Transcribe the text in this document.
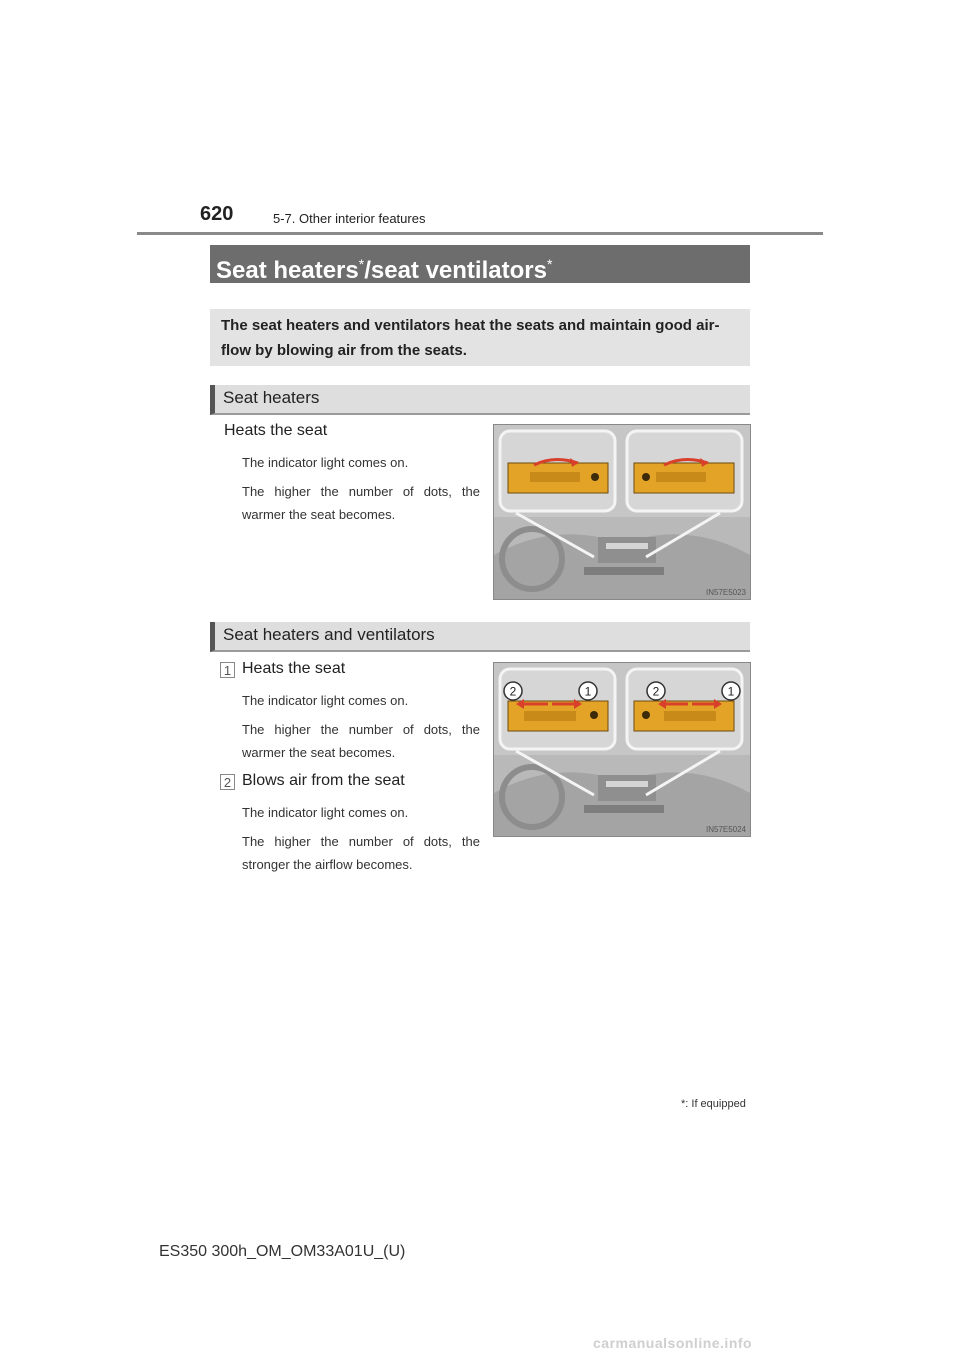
620	5-7. Other interior features
Seat heaters*/seat ventilators*
The seat heaters and ventilators heat the seats and maintain good air-flow by blowing air from the seats.
Seat heaters
Heats the seat
The indicator light comes on.
The higher the number of dots, the
warmer the seat becomes.
IN57E5023
Seat heaters and ventilators
1 Heats the seat
The indicator light comes on.
The higher the number of dots, the
warmer the seat becomes.
2 Blows air from the seat
The indicator light comes on.
The higher the number of dots, the
stronger the airflow becomes.
2	1	2	1
IN57E5024
*: If equipped
ES350 300h_OM_OM33A01U_(U)
carmanualsonline.info
